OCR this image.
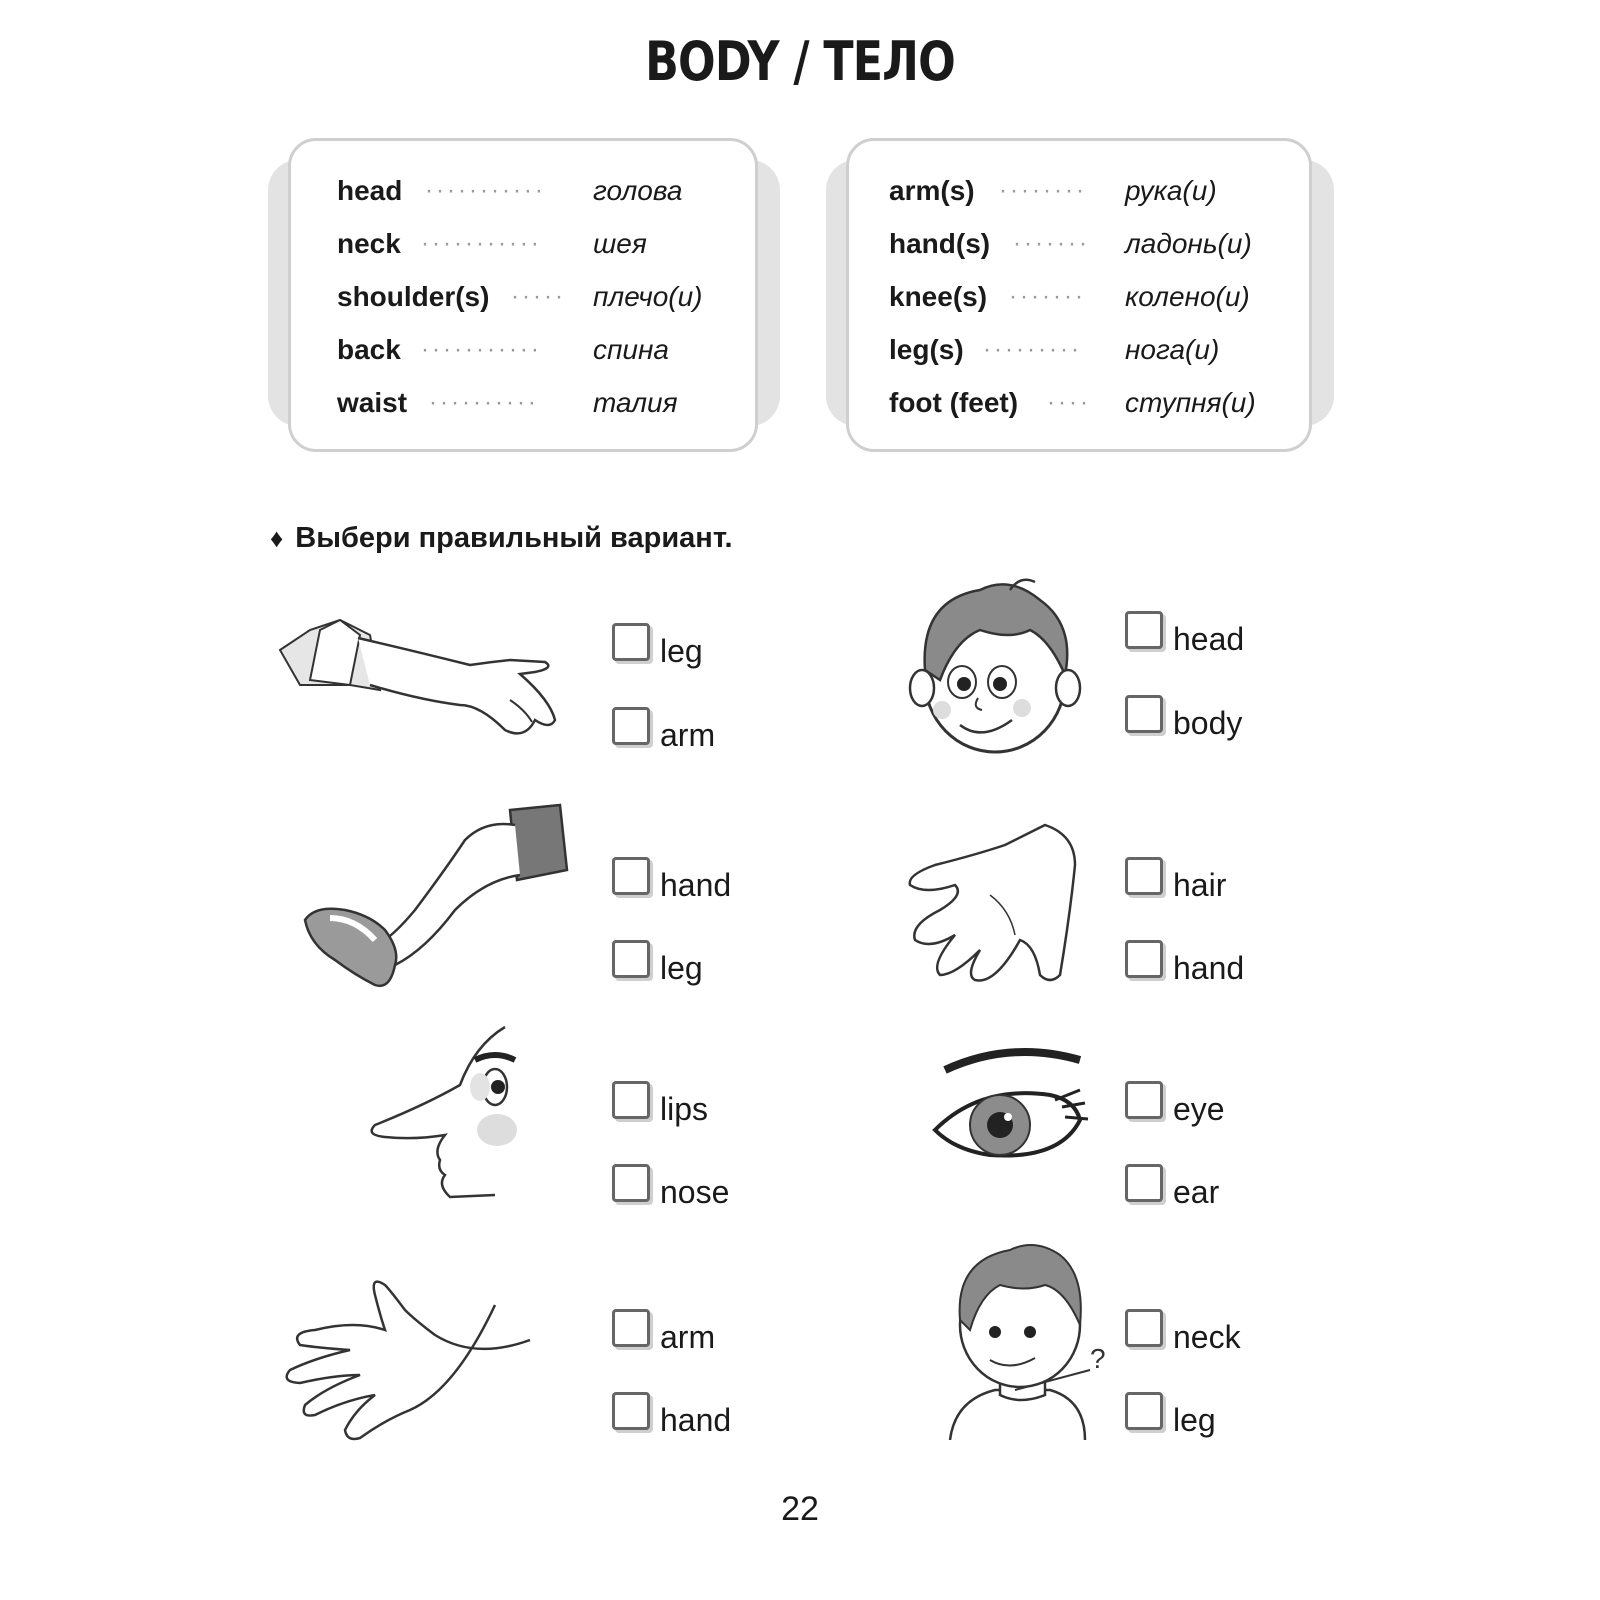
BODY / ТЕЛО
head ···········	голова
neck ···········	шея
shoulder(s) ····· плечо(и)
back ···········	спина
waist ··········	талия
arm(s) ········	рука(и)
hand(s) ·······	ладонь(и)
knee(s) ·······	колено(и)
leg(s) ·········	нога(и)
foot (feet) ····	ступня(и)
♦ Выбери правильный вариант.
?
leg
arm
hand
leg
lips
nose
arm
hand
head
body
hair
hand
eye
ear
neck
leg
22
